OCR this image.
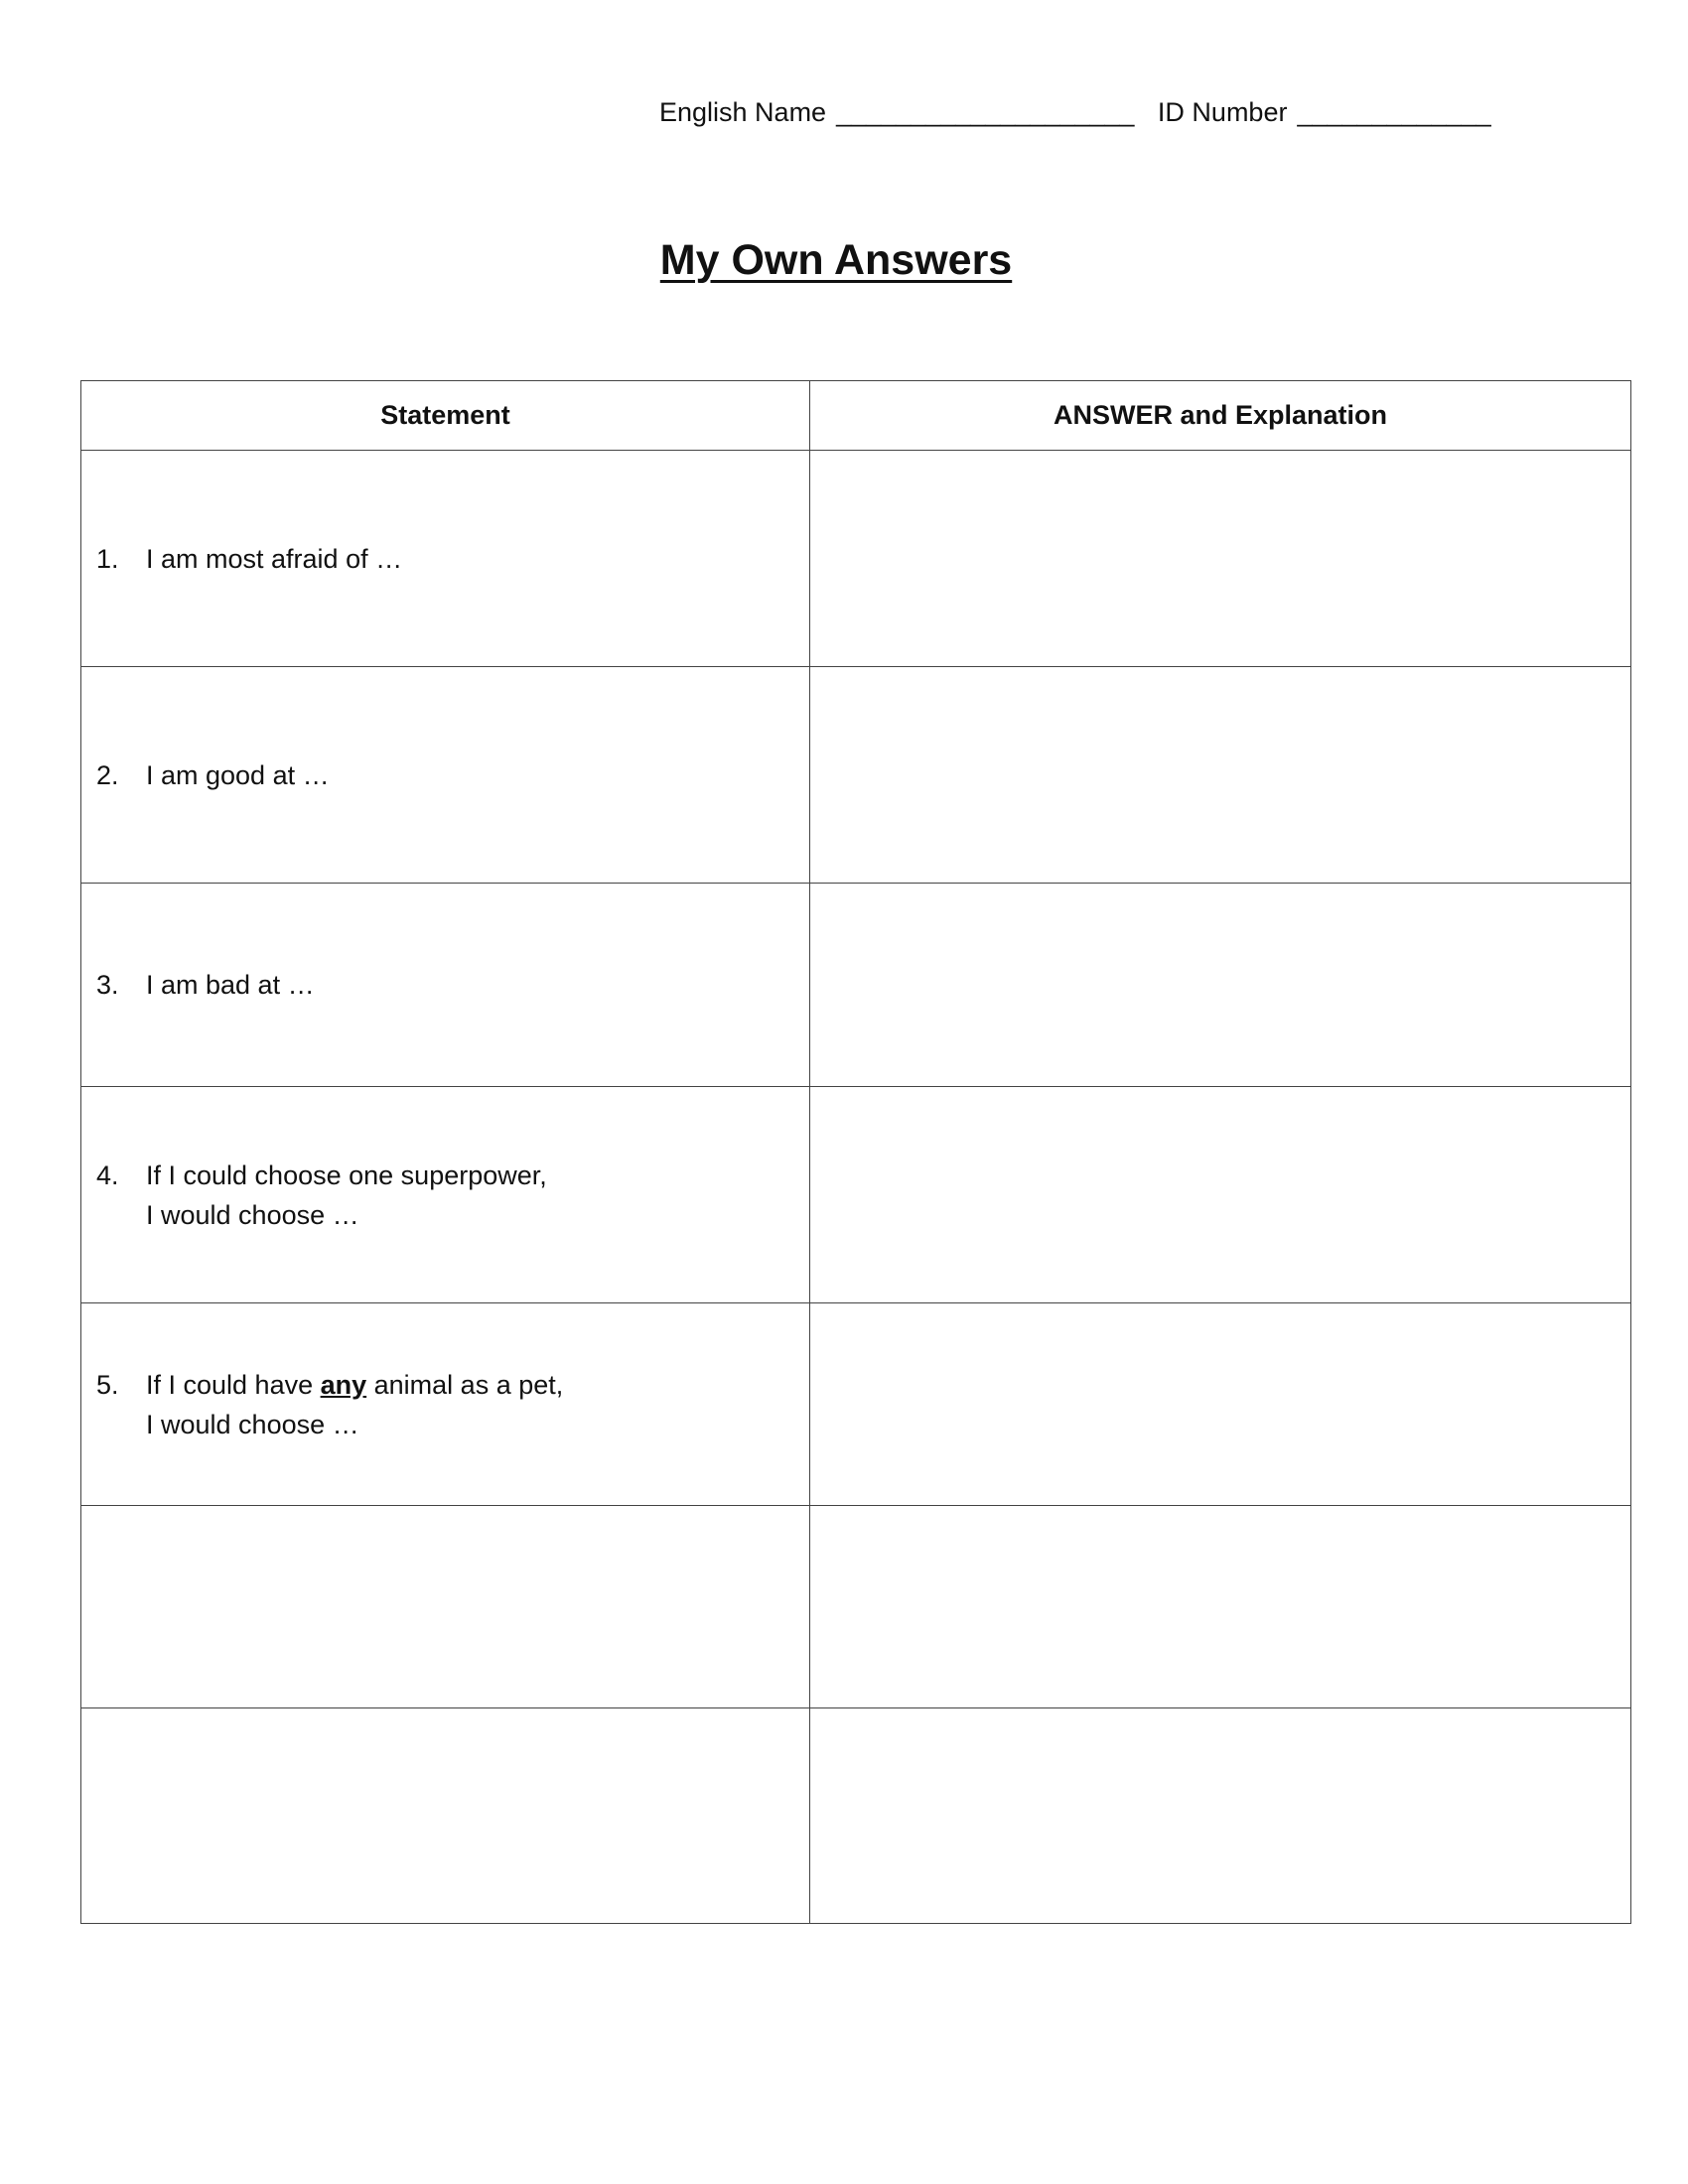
English Name ____________________ ID Number _____________
My Own Answers
Statement	ANSWER and Explanation

1. I am most afraid of …	

2. I am good at …	

3. I am bad at …	

4. If I could choose one superpower,
I would choose …	

5. If I could have any animal as a pet,
I would choose …	
